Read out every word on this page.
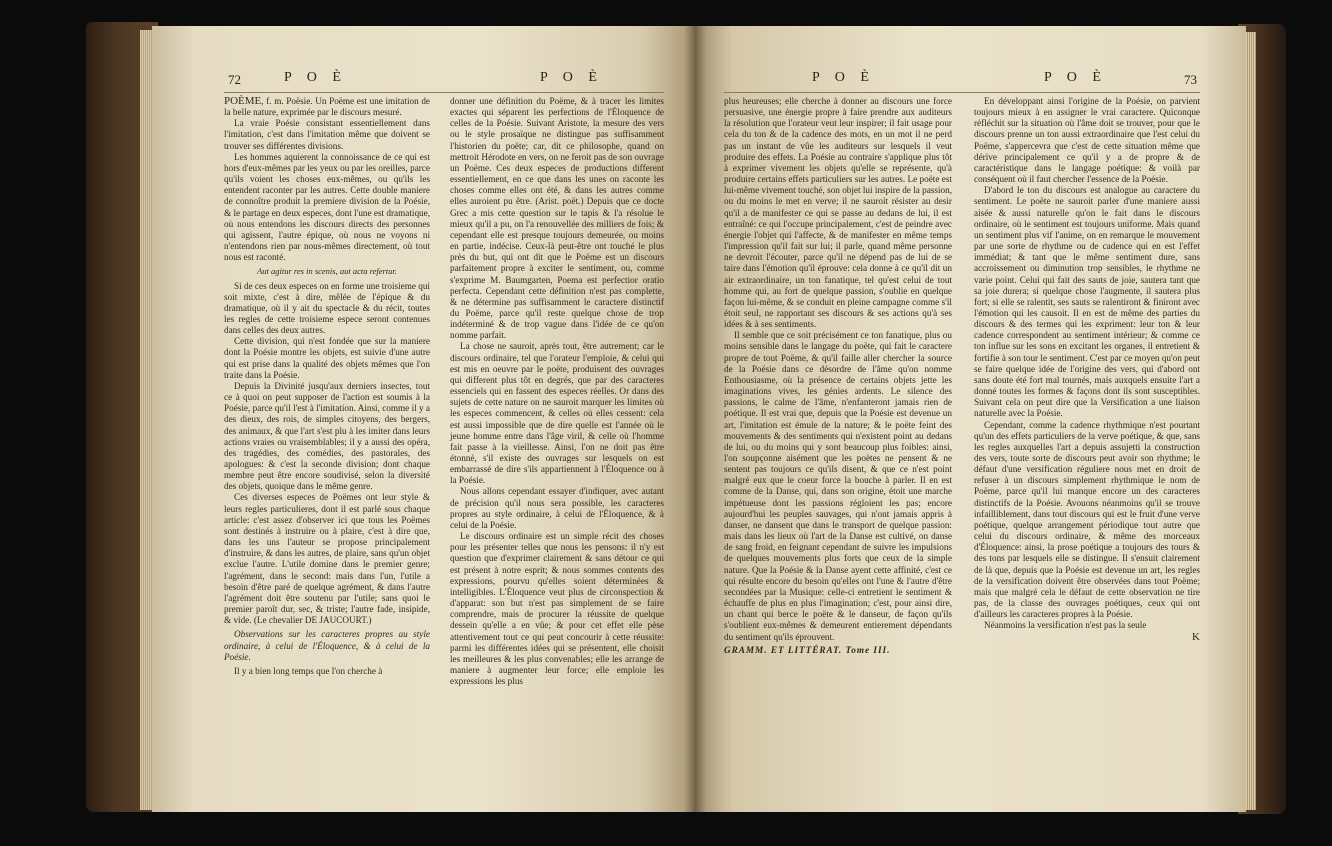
72	P O È	P O È

POÈME, f. m. Poësie. Un Poëme est une imitation de la belle nature, exprimée par le discours mesuré.

La vraie Poésie consistant essentiellement dans l'imitation, c'est dans l'imitation même que doivent se trouver ses différentes divisions.

Les hommes aquierent la connoissance de ce qui est hors d'eux-mêmes par les yeux ou par les oreilles, parce qu'ils voient les choses eux-mêmes, ou qu'ils les entendent raconter par les autres. Cette double maniere de connoître produit la premiere division de la Poésie, & le partage en deux especes, dont l'une est dramatique, où nous entendons les discours directs des personnes qui agissent, l'autre épique, où nous ne voyons ni n'entendons rien par nous-mêmes directement, où tout nous est raconté.

Aut agitur res in scenis, aut acta refertur.

Si de ces deux especes on en forme une troisieme qui soit mixte, c'est à dire, mêlée de l'épique & du dramatique, où il y ait du spectacle & du récit, toutes les regles de cette troisieme espece seront contenues dans celles des deux autres.

Cette division, qui n'est fondée que sur la maniere dont la Poésie montre les objets, est suivie d'une autre qui est prise dans la qualité des objets mêmes que l'on traite dans la Poésie.

Depuis la Divinité jusqu'aux derniers insectes, tout ce à quoi on peut supposer de l'action est soumis à la Poésie, parce qu'il l'est à l'imitation. Ainsi, comme il y a des dieux, des rois, de simples citoyens, des bergers, des animaux, & que l'art s'est plu à les imiter dans leurs actions vraies ou vraisemblables; il y a aussi des opéra, des tragédies, des comédies, des pastorales, des apologues: & c'est la seconde division; dont chaque membre peut être encore soudivisé, selon la diversité des objets, quoique dans le même genre.

Ces diverses especes de Poëmes ont leur style & leurs regles particulieres, dont il est parlé sous chaque article: c'est assez d'observer ici que tous les Poëmes sont destinés à instruire ou à plaire, c'est à dire que, dans les uns l'auteur se propose principalement d'instruire, & dans les autres, de plaire, sans qu'un objet exclue l'autre. L'utile domine dans le premier genre; l'agrément, dans le second: mais dans l'un, l'utile a besoin d'être paré de quelque agrément, & dans l'autre l'agrément doit être soutenu par l'utile; sans quoi le premier paroît dur, sec, & triste; l'autre fade, insipide, & vide. (Le chevalier DE JAUCOURT.)

Observations sur les caracteres propres au style ordinaire, à celui de l'Éloquence, & à celui de la Poésie.

Il y a bien long temps que l'on cherche à

donner une définition du Poëme, & à tracer les limites exactes qui séparent les perfections de l'Éloquence de celles de la Poésie. Suivant Aristote, la mesure des vers ou le style prosaïque ne distingue pas suffisamment l'historien du poëte; car, dit ce philosophe, quand on mettroit Hérodote en vers, on ne feroit pas de son ouvrage un Poëme. Ces deux especes de productions different essentiellement, en ce que dans les unes on raconte les choses comme elles ont été, & dans les autres comme elles auroient pu être. (Arist. poët.) Depuis que ce docte Grec a mis cette question sur le tapis & l'a résolue le mieux qu'il a pu, on l'a renouvellée des milliers de fois; & cependant elle est presque toujours demeurée, ou moins en partie, indécise. Ceux-là peut-être ont touché le plus près du but, qui ont dit que le Poëme est un discours parfaitement propre à exciter le sentiment, ou, comme s'exprime M. Baumgarten, Poema est perfectior oratio perfecta. Cependant cette définition n'est pas complette, & ne détermine pas suffisamment le caractere distinctif du Poëme, parce qu'il reste quelque chose de trop indéterminé & de trop vague dans l'idée de ce qu'on nomme parfait.

La chose ne sauroit, après tout, être autrement; car le discours ordinaire, tel que l'orateur l'emploie, & celui qui est mis en oeuvre par le poëte, produisent des ouvrages qui different plus tôt en degrés, que par des caracteres essenciels qui en fassent des especes réelles. Or dans des sujets de cette nature on ne sauroit marquer les limites où les especes commencent, & celles où elles cessent: cela est aussi impossible que de dire quelle est l'année où le jeune homme entre dans l'âge viril, & celle où l'homme fait passe à la vieillesse. Ainsi, l'on ne doit pas être étonné, s'il existe des ouvrages sur lesquels on est embarrassé de dire s'ils appartiennent à l'Éloquence ou à la Poésie.

Nous allons cependant essayer d'indiquer, avec autant de précision qu'il nous sera possible, les caracteres propres au style ordinaire, à celui de l'Éloquence, & à celui de la Poésie.

Le discours ordinaire est un simple récit des choses pour les présenter telles que nous les pensons: il n'y est question que d'exprimer clairement & sans détour ce qui est présent à notre esprit; & nous sommes contents des expressions, pourvu qu'elles soient déterminées & intelligibles. L'Éloquence veut plus de circonspection & d'apparat: son but n'est pas simplement de se faire comprendre, mais de procurer la réussite de quelque dessein qu'elle a en vûe; & pour cet effet elle pèse attentivement tout ce qui peut concourir à cette réussite: parmi les différentes idées qui se présentent, elle choisit les meilleures & les plus convenables; elle les arrange de maniere à augmenter leur force; elle emploie les expressions les plus

P O È	P O È	73

plus heureuses; elle cherche à donner au discours une force persuasive, une énergie propre à faire prendre aux auditeurs la résolution que l'orateur veut leur inspirer; il fait usage pour cela du ton & de la cadence des mots, en un mot il ne perd pas un instant de vûe les auditeurs sur lesquels il veut produire des effets. La Poésie au contraire s'applique plus tôt à exprimer vivement les objets qu'elle se représente, qu'à produire certains effets particuliers sur les autres. Le poëte est lui-même vivement touché, son objet lui inspire de la passion, ou du moins le met en verve; il ne sauroit résister au desir qu'il a de manifester ce qui se passe au dedans de lui, il est entraîné: ce qui l'occupe principalement, c'est de peindre avec énergie l'objet qui l'affecte, & de manifester en même temps l'impression qu'il fait sur lui; il parle, quand même personne ne devroit l'écouter, parce qu'il ne dépend pas de lui de se taire dans l'émotion qu'il éprouve: cela donne à ce qu'il dit un air extraordinaire, un ton fanatique, tel qu'est celui de tout homme qui, au fort de quelque passion, s'oublie en quelque façon lui-même, & se conduit en pleine campagne comme s'il étoit seul, ne rapportant ses discours & ses actions qu'à ses idées & à ses sentiments.

Il semble que ce soit précisément ce ton fanatique, plus ou moins sensible dans le langage du poëte, qui fait le caractere propre de tout Poëme, & qu'il faille aller chercher la source de la Poésie dans ce désordre de l'âme qu'on nomme Enthousiasme, où la présence de certains objets jette les imaginations vives, les génies ardents. Le silence des passions, le calme de l'âme, n'enfanteront jamais rien de poétique. Il est vrai que, depuis que la Poésie est devenue un art, l'imitation est émule de la nature; & le poëte feint des mouvements & des sentiments qui n'existent point au dedans de lui, ou du moins qui y sont beaucoup plus foibles: ainsi, l'on soupçonne aisément que les poëtes ne pensent & ne sentent pas toujours ce qu'ils disent, & que ce n'est point malgré eux que le coeur force la bouche à parler. Il en est comme de la Danse, qui, dans son origine, étoit une marche impétueuse dont les passions régloient les pas; encore aujourd'hui les peuples sauvages, qui n'ont jamais appris à danser, ne dansent que dans le transport de quelque passion: mais dans les lieux où l'art de la Danse est cultivé, on danse de sang froid, en feignant cependant de suivre les impulsions de quelques mouvements plus forts que ceux de la simple nature. Que la Poésie & la Danse ayent cette affinité, c'est ce qui résulte encore du besoin qu'elles ont l'une & l'autre d'être secondées par la Musique: celle-ci entretient le sentiment & échauffe de plus en plus l'imagination; c'est, pour ainsi dire, un chant qui berce le poëte & le danseur, de façon qu'ils s'oublient eux-mêmes & demeurent entierement dépendants du sentiment qu'ils éprouvent.

GRAMM. ET LITTÉRAT. Tome III.

En développant ainsi l'origine de la Poésie, on parvient toujours mieux à en assigner le vrai caractere. Quiconque réfléchit sur la situation où l'âme doit se trouver, pour que le discours prenne un ton aussi extraordinaire que l'est celui du Poëme, s'appercevra que c'est de cette situation même que dérive principalement ce qu'il y a de propre & de caractéristique dans le langage poétique: & voilà par conséquent où il faut chercher l'essence de la Poésie.

D'abord le ton du discours est analogue au caractere du sentiment. Le poëte ne sauroit parler d'une maniere aussi aisée & aussi naturelle qu'on le fait dans le discours ordinaire, où le sentiment est toujours uniforme. Mais quand un sentiment plus vif l'anime, on en remarque le mouvement par une sorte de rhythme ou de cadence qui en est l'effet immédiat; & tant que le même sentiment dure, sans accroissement ou diminution trop sensibles, le rhythme ne varie point. Celui qui fait des sauts de joie, sautera tant que sa joie durera; si quelque chose l'augmente, il sautera plus fort; si elle se ralentit, ses sauts se ralentiront & finiront avec l'émotion qui les causoit. Il en est de même des parties du discours & des termes qui les expriment: leur ton & leur cadence correspondent au sentiment intérieur; & comme ce ton influe sur les sons en excitant les organes, il entretient & fortifie à son tour le sentiment. C'est par ce moyen qu'on peut se faire quelque idée de l'origine des vers, qui d'abord ont sans doute été fort mal tournés, mais auxquels ensuite l'art a donné toutes les formes & façons dont ils sont susceptibles. Suivant cela on peut dire que la Versification a une liaison naturelle avec la Poésie.

Cependant, comme la cadence rhythmique n'est pourtant qu'un des effets particuliers de la verve poétique, & que, sans les regles auxquelles l'art a depuis assujetti la construction des vers, toute sorte de discours peut avoir son rhythme; le défaut d'une versification réguliere nous met en droit de refuser à un discours simplement rhythmique le nom de Poëme, parce qu'il lui manque encore un des caracteres distinctifs de la Poésie. Avouons néanmoins qu'il se trouve infailliblement, dans tout discours qui est le fruit d'une verve poétique, quelque arrangement périodique tout autre que celui du discours ordinaire, & même des morceaux d'Éloquence: ainsi, la prose poétique a toujours des tours & des tons par lesquels elle se distingue. Il s'ensuit clairement de là que, depuis que la Poésie est devenue un art, les regles de la versification doivent être observées dans tout Poëme; mais que malgré cela le défaut de cette observation ne tire pas, de la classe des ouvrages poétiques, ceux qui ont d'ailleurs les caracteres propres à la Poésie.

Néanmoins la versification n'est pas la seule

K
